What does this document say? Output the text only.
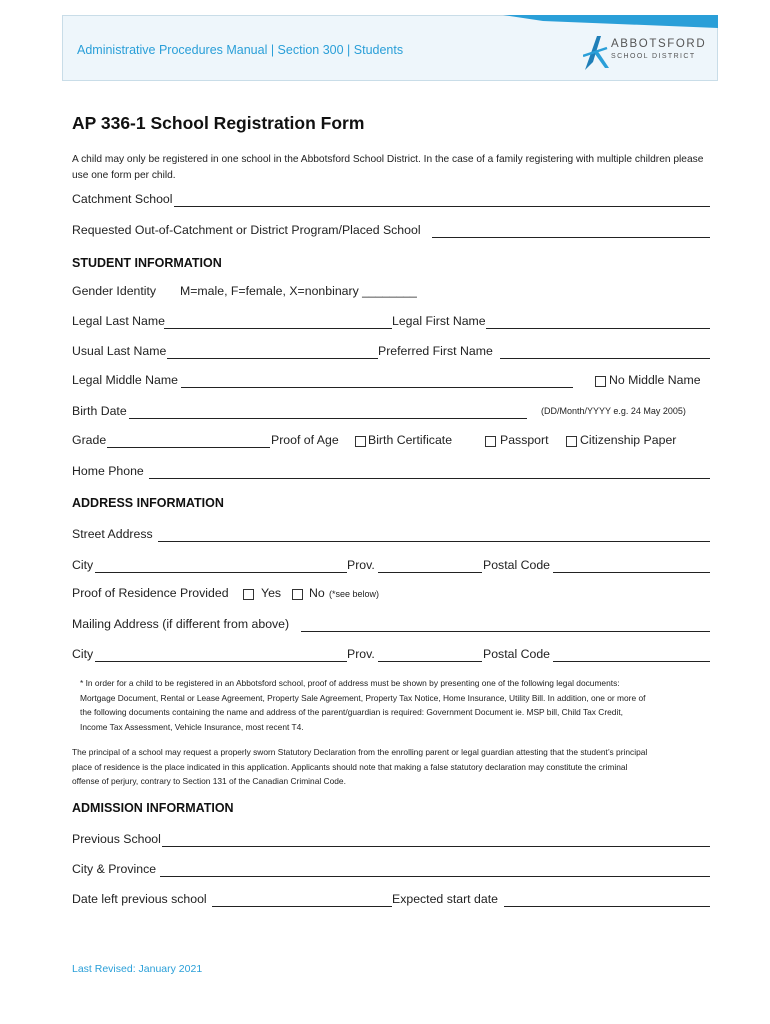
Administrative Procedures Manual | Section 300 | Students	ABBOTSFORD
SCHOOL DISTRICT
AP 336-1 School Registration Form
A child may only be registered in one school in the Abbotsford School District. In the case of a family registering with multiple children please use one form per child.
Catchment School
Requested Out-of-Catchment or District Program/Placed School
STUDENT INFORMATION
Gender Identity M=male, F=female, X=nonbinary ________
Legal Last Name	Legal First Name
Usual Last Name	Preferred First Name
Legal Middle Name	No Middle Name
Birth Date	(DD/Month/YYYY e.g. 24 May 2005)
Grade	Proof of Age Birth Certificate	Passport	Citizenship Paper
Home Phone
ADDRESS INFORMATION
Street Address
City	Prov.	Postal Code
Proof of Residence Provided	Yes No (*see below)
Mailing Address (if different from above)
City	Prov.	Postal Code
* In order for a child to be registered in an Abbotsford school, proof of address must be shown by presenting one of the following legal documents:
Mortgage Document, Rental or Lease Agreement, Property Sale Agreement, Property Tax Notice, Home Insurance, Utility Bill. In addition, one or more of
the following documents containing the name and address of the parent/guardian is required: Government Document ie. MSP bill, Child Tax Credit,
Income Tax Assessment, Vehicle Insurance, most recent T4.
The principal of a school may request a properly sworn Statutory Declaration from the enrolling parent or legal guardian attesting that the student’s principal
place of residence is the place indicated in this application. Applicants should note that making a false statutory declaration may constitute the criminal
offense of perjury, contrary to Section 131 of the Canadian Criminal Code.
ADMISSION INFORMATION
Previous School
City & Province
Date left previous school	Expected start date
Last Revised: January 2021
